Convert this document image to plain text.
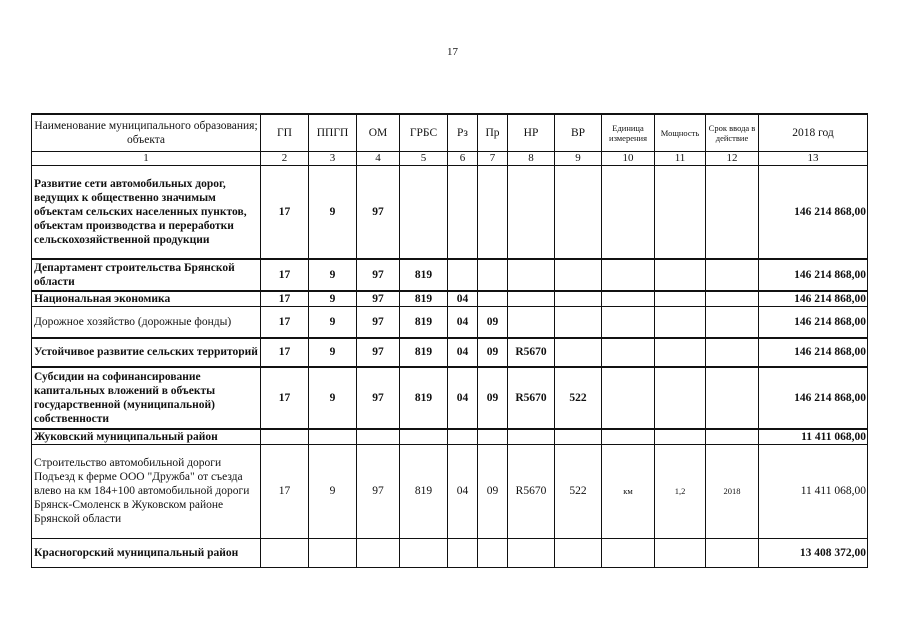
17
Наименование муниципального образования; объекта	ГП	ППГП	ОМ	ГРБС	Рз	Пр	НР	ВР	Единица измерения	Мощность	Срок ввода в действие	2018 год
1	2	3	4	5	6	7	8	9	10	11	12	13
Развитие сети автомобильных дорог, ведущих к общественно значимым объектам сельских населенных пунктов, объектам производства и переработки сельскохозяйственной продукции	17	9	97									146 214 868,00
Департамент строительства Брянской области	17	9	97	819								146 214 868,00
Национальная экономика	17	9	97	819	04							146 214 868,00
Дорожное хозяйство (дорожные фонды)	17	9	97	819	04	09						146 214 868,00
Устойчивое развитие сельских территорий	17	9	97	819	04	09	R5670					146 214 868,00
Субсидии на софинансирование капитальных вложений в объекты государственной (муниципальной) собственности	17	9	97	819	04	09	R5670	522				146 214 868,00
Жуковский муниципальный район												11 411 068,00
Строительство автомобильной дороги Подъезд к ферме ООО "Дружба" от съезда влево на км 184+100 автомобильной дороги Брянск-Смоленск в Жуковском районе Брянской области	17	9	97	819	04	09	R5670	522	км	1,2	2018	11 411 068,00
Красногорский муниципальный район												13 408 372,00
